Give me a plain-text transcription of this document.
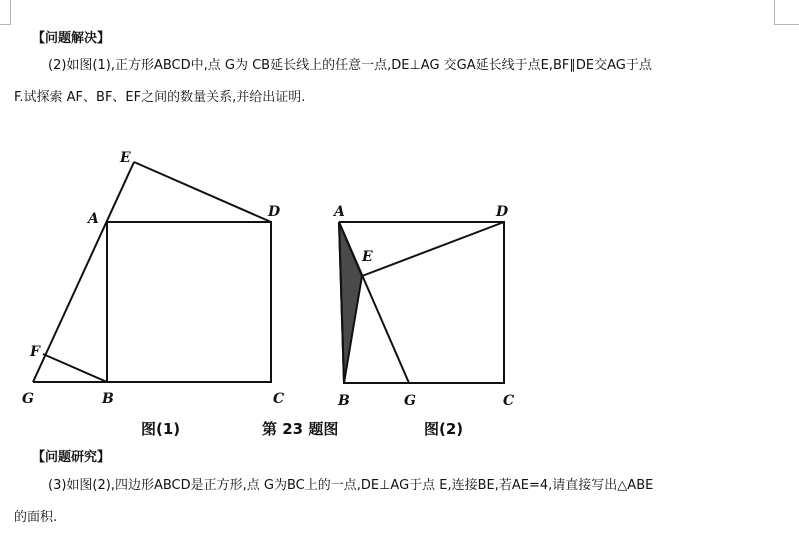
【问题解决】
(2)如图(1),正方形ABCD中,点 G为 CB延长线上的任意一点,DE⊥AG 交GA延长线于点E,BF∥DE交AG于点
F.试探索 AF、BF、EF之间的数量关系,并给出证明.
E
A	D
F
G	B	C
A	D
E
B	G	C
图(1)	第 23 题图	图(2)
【问题研究】
(3)如图(2),四边形ABCD是正方形,点 G为BC上的一点,DE⊥AG于点 E,连接BE,若AE=4,请直接写出△ABE
的面积.
